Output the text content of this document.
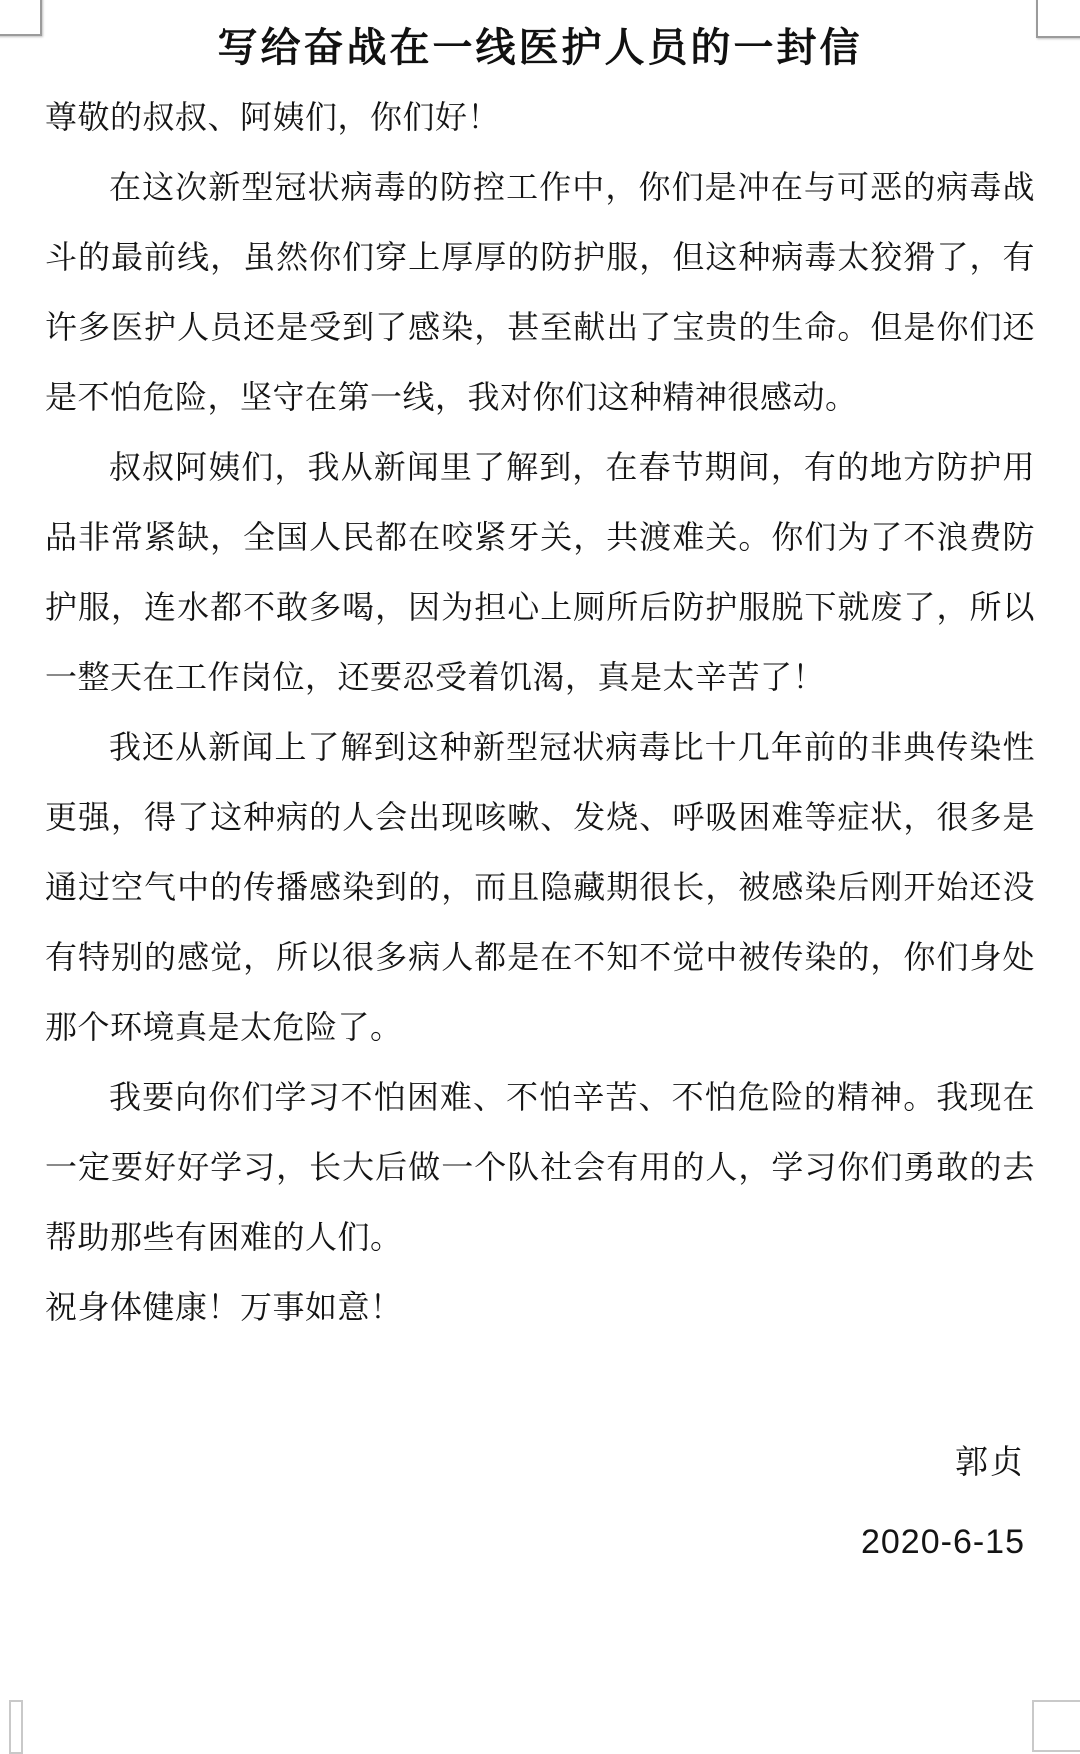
写给奋战在一线医护人员的一封信
尊敬的叔叔、阿姨们，你们好！
在这次新型冠状病毒的防控工作中，你们是冲在与可恶的病毒战
斗的最前线，虽然你们穿上厚厚的防护服，但这种病毒太狡猾了，有
许多医护人员还是受到了感染，甚至献出了宝贵的生命。但是你们还
是不怕危险，坚守在第一线，我对你们这种精神很感动。
叔叔阿姨们，我从新闻里了解到，在春节期间，有的地方防护用
品非常紧缺，全国人民都在咬紧牙关，共渡难关。你们为了不浪费防
护服，连水都不敢多喝，因为担心上厕所后防护服脱下就废了，所以
一整天在工作岗位，还要忍受着饥渴，真是太辛苦了！
我还从新闻上了解到这种新型冠状病毒比十几年前的非典传染性
更强，得了这种病的人会出现咳嗽、发烧、呼吸困难等症状，很多是
通过空气中的传播感染到的，而且隐藏期很长，被感染后刚开始还没
有特别的感觉，所以很多病人都是在不知不觉中被传染的，你们身处
那个环境真是太危险了。
我要向你们学习不怕困难、不怕辛苦、不怕危险的精神。我现在
一定要好好学习，长大后做一个队社会有用的人，学习你们勇敢的去
帮助那些有困难的人们。
祝身体健康！万事如意！
郭贞
2020-6-15
